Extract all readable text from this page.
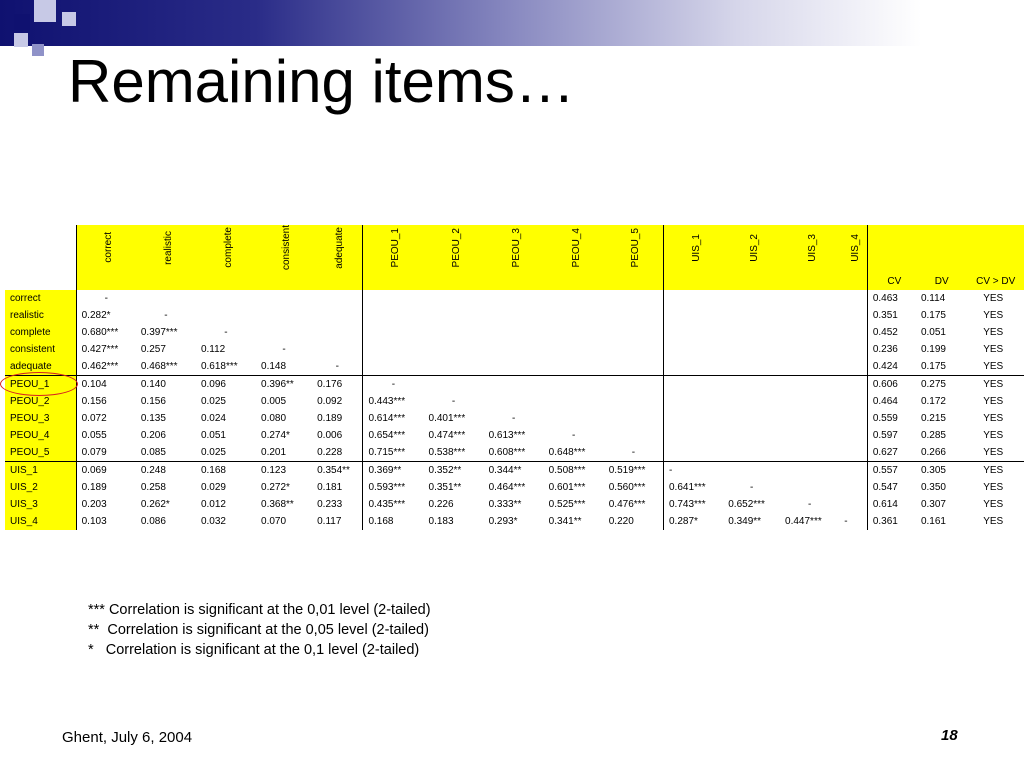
Remaining items…
	correct	realistic	complete	consistent	adequate	PEOU_1	PEOU_2	PEOU_3	PEOU_4	PEOU_5	UIS_1	UIS_2	UIS_3	UIS_4			
															CV	DV	CV > DV
correct	-														0.463	0.114	YES
realistic	0.282*	-													0.351	0.175	YES
complete	0.680***	0.397***	-												0.452	0.051	YES
consistent	0.427***	0.257	0.112	-											0.236	0.199	YES
adequate	0.462***	0.468***	0.618***	0.148	-										0.424	0.175	YES
PEOU_1	0.104	0.140	0.096	0.396**	0.176	-									0.606	0.275	YES
PEOU_2	0.156	0.156	0.025	0.005	0.092	0.443***	-								0.464	0.172	YES
PEOU_3	0.072	0.135	0.024	0.080	0.189	0.614***	0.401***	-							0.559	0.215	YES
PEOU_4	0.055	0.206	0.051	0.274*	0.006	0.654***	0.474***	0.613***	-						0.597	0.285	YES
PEOU_5	0.079	0.085	0.025	0.201	0.228	0.715***	0.538***	0.608***	0.648***	-					0.627	0.266	YES
UIS_1	0.069	0.248	0.168	0.123	0.354**	0.369**	0.352**	0.344**	0.508***	0.519***	-				0.557	0.305	YES
UIS_2	0.189	0.258	0.029	0.272*	0.181	0.593***	0.351**	0.464***	0.601***	0.560***	0.641***	-			0.547	0.350	YES
UIS_3	0.203	0.262*	0.012	0.368**	0.233	0.435***	0.226	0.333**	0.525***	0.476***	0.743***	0.652***	-		0.614	0.307	YES
UIS_4	0.103	0.086	0.032	0.070	0.117	0.168	0.183	0.293*	0.341**	0.220	0.287*	0.349**	0.447***	-	0.361	0.161	YES
*** Correlation is significant at the 0,01 level (2-tailed)
**  Correlation is significant at the 0,05 level (2-tailed)
*   Correlation is significant at the 0,1 level (2-tailed)
Ghent, July 6, 2004	18
